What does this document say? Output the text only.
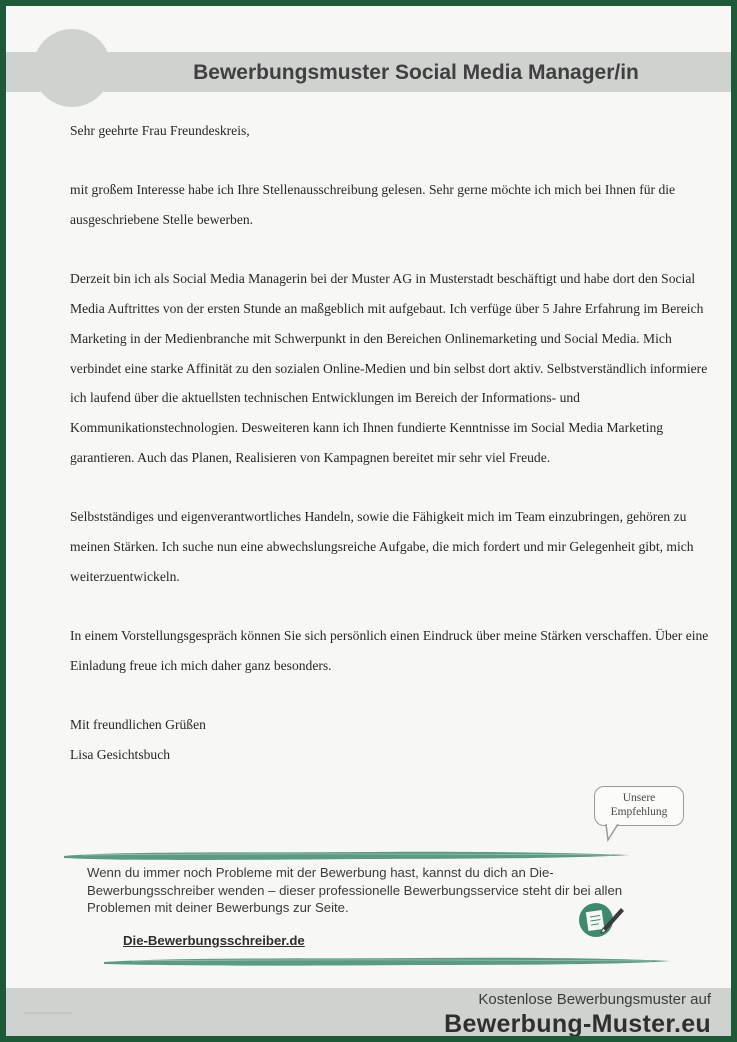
Bewerbungsmuster Social Media Manager/in

Sehr geehrte Frau Freundeskreis,

mit großem Interesse habe ich Ihre Stellenausschreibung gelesen. Sehr gerne möchte ich mich bei Ihnen für die ausgeschriebene Stelle bewerben.

Derzeit bin ich als Social Media Managerin bei der Muster AG in Musterstadt beschäftigt und habe dort den Social Media Auftrittes von der ersten Stunde an maßgeblich mit aufgebaut. Ich verfüge über 5 Jahre Erfahrung im Bereich Marketing in der Medienbranche mit Schwerpunkt in den Bereichen Onlinemarketing und Social Media. Mich verbindet eine starke Affinität zu den sozialen Online-Medien und bin selbst dort aktiv. Selbstverständlich informiere ich laufend über die aktuellsten technischen Entwicklungen im Bereich der Informations- und Kommunikationstechnologien. Desweiteren kann ich Ihnen fundierte Kenntnisse im Social Media Marketing garantieren. Auch das Planen, Realisieren von Kampagnen bereitet mir sehr viel Freude.

Selbstständiges und eigenverantwortliches Handeln, sowie die Fähigkeit mich im Team einzubringen, gehören zu meinen Stärken. Ich suche nun eine abwechslungsreiche Aufgabe, die mich fordert und mir Gelegenheit gibt, mich weiterzuentwickeln.

In einem Vorstellungsgespräch können Sie sich persönlich einen Eindruck über meine Stärken verschaffen. Über eine Einladung freue ich mich daher ganz besonders.

Mit freundlichen Grüßen

Lisa Gesichtsbuch

Unsere
Empfehlung
Wenn du immer noch Probleme mit der Bewerbung hast, kannst du dich an Die-Bewerbungsschreiber wenden – dieser professionelle Bewerbungsservice steht dir bei allen Problemen mit deiner Bewerbungs zur Seite.
Die-Bewerbungsschreiber.de
Kostenlose Bewerbungsmuster auf
Bewerbung-Muster.eu
